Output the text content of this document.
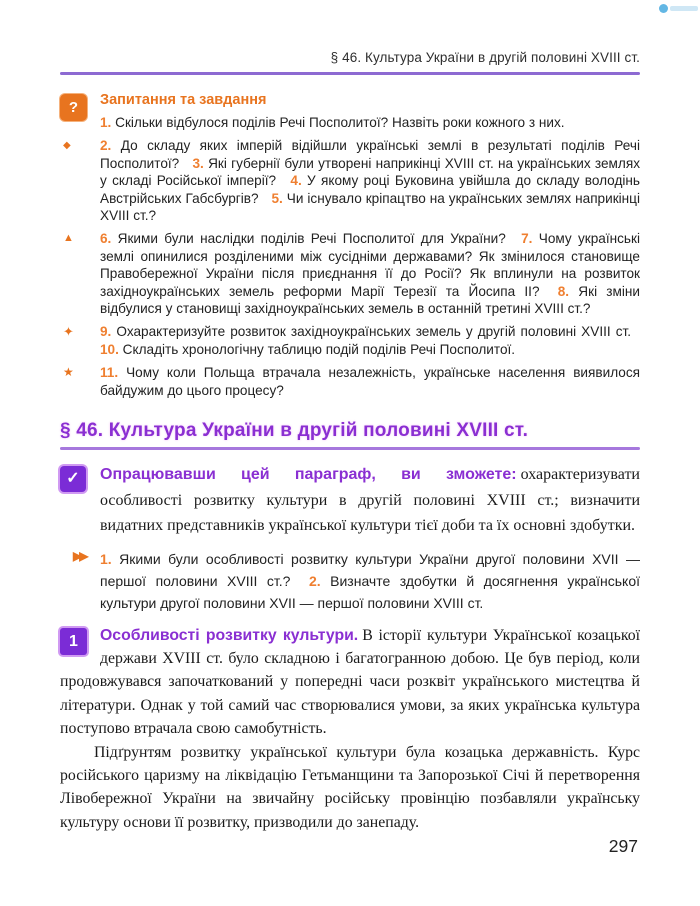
§ 46. Культура України в другій половині XVIII ст.
?	Запитання та завдання

1. Скільки відбулося поділів Речі Посполитої? Назвіть роки кожного з них.

◆ 2. До складу яких імперій відійшли українські землі в результаті поділів Речі Посполитої? 3. Які губернії були утворені наприкінці XVIII ст. на українських землях у складі Російської імперії? 4. У якому році Буковина увійшла до складу володінь Австрійських Габсбургів? 5. Чи існувало кріпацтво на українських землях наприкінці XVIII ст.?

▲ 6. Якими були наслідки поділів Речі Посполитої для України? 7. Чому українські землі опинилися розділеними між сусідніми державами? Як змінилося становище Правобережної України після приєднання її до Росії? Як вплинули на розвиток західноукраїнських земель реформи Марії Терезії та Йосипа II? 8. Які зміни відбулися у становищі західноукраїнських земель в останній третині XVIII ст.?

✦ 9. Охарактеризуйте розвиток західноукраїнських земель у другій половині XVIII ст. 10. Складіть хронологічну таблицю подій поділів Речі Посполитої.

★ 11. Чому коли Польща втрачала незалежність, українське населення виявилося байдужим до цього процесу?

§ 46. Культура України в другій половині XVIII ст.
✓	Опрацювавши цей параграф, ви зможете: охарактеризувати особливості розвитку культури в другій половині XVIII ст.; визначити видатних представників української культури тієї доби та їх основні здобутки.

▶▶ 1. Якими були особливості розвитку культури України другої половини XVII — першої половини XVIII ст.? 2. Визначте здобутки й досягнення української культури другої половини XVII — першої половини XVIII ст.

1	Особливості розвитку культури. В історії культури Української козацької держави XVIII ст. було складною і багатогранною добою. Це був період, коли продовжувався започаткований у попередні часи розквіт українського мистецтва й літератури. Однак у той самий час створювалися умови, за яких українська культура поступово втрачала свою самобутність.

Підґрунтям розвитку української культури була козацька державність. Курс російського царизму на ліквідацію Гетьманщини та Запорозької Січі й перетворення Лівобережної України на звичайну російську провінцію позбавляли українську культуру основи її розвитку, призводили до занепаду.

297
